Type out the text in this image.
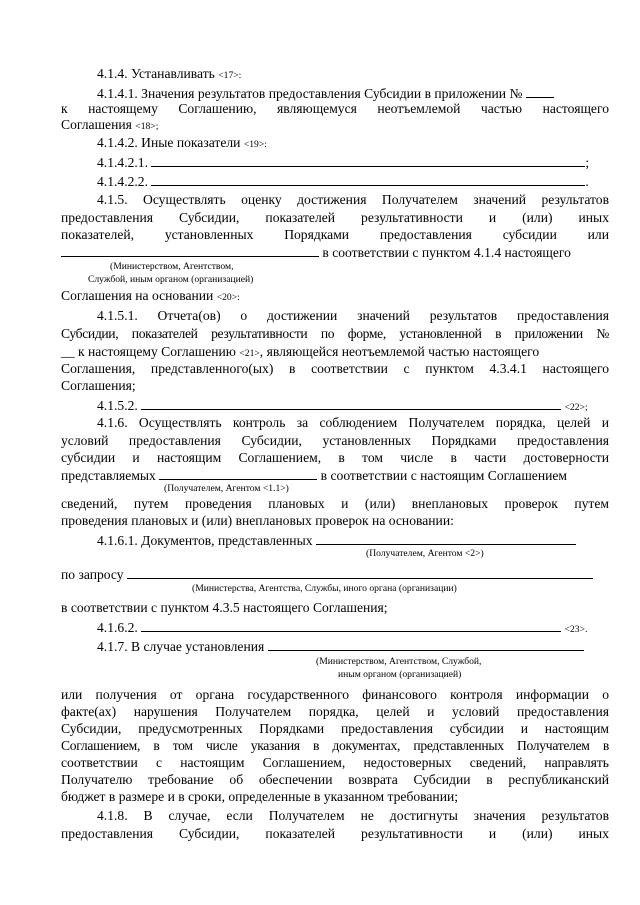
4.1.4. Устанавливать <17>:
4.1.4.1. Значения результатов предоставления Субсидии в приложении №
к настоящему Соглашению, являющемуся неотъемлемой частью настоящего
Соглашения <18>;
4.1.4.2. Иные показатели <19>:
4.1.4.2.1.	;
4.1.4.2.2.	.
4.1.5. Осуществлять оценку достижения Получателем значений результатов
предоставления Субсидии, показателей результативности и (или) иных
показателей, установленных Порядками предоставления субсидии или
в соответствии с пунктом 4.1.4 настоящего
(Министерством, Агентством,
Службой, иным органом (организацией)
Соглашения на основании <20>:
4.1.5.1. Отчета(ов) о достижении значений результатов предоставления
Субсидии, показателей результативности по форме, установленной в приложении №
__ к настоящему Соглашению <21>, являющейся неотъемлемой частью настоящего
Соглашения, представленного(ых) в соответствии с пунктом 4.3.4.1 настоящего
Соглашения;
4.1.5.2.	<22>;
4.1.6. Осуществлять контроль за соблюдением Получателем порядка, целей и
условий предоставления Субсидии, установленных Порядками предоставления
субсидии и настоящим Соглашением, в том числе в части достоверности
представляемых	в соответствии с настоящим Соглашением
(Получателем, Агентом <1.1>)
сведений, путем проведения плановых и (или) внеплановых проверок путем
проведения плановых и (или) внеплановых проверок на основании:
4.1.6.1. Документов, представленных
(Получателем, Агентом <2>)
по запросу
(Министерства, Агентства, Службы, иного органа (организации)
в соответствии с пунктом 4.3.5 настоящего Соглашения;
4.1.6.2.	<23>.
4.1.7. В случае установления
(Министерством, Агентством, Службой,
иным органом (организацией)
или получения от органа государственного финансового контроля информации о
факте(ах) нарушения Получателем порядка, целей и условий предоставления
Субсидии, предусмотренных Порядками предоставления субсидии и настоящим
Соглашением, в том числе указания в документах, представленных Получателем в
соответствии с настоящим Соглашением, недостоверных сведений, направлять
Получателю требование об обеспечении возврата Субсидии в республиканский
бюджет в размере и в сроки, определенные в указанном требовании;
4.1.8. В случае, если Получателем не достигнуты значения результатов
предоставления Субсидии, показателей результативности и (или) иных
